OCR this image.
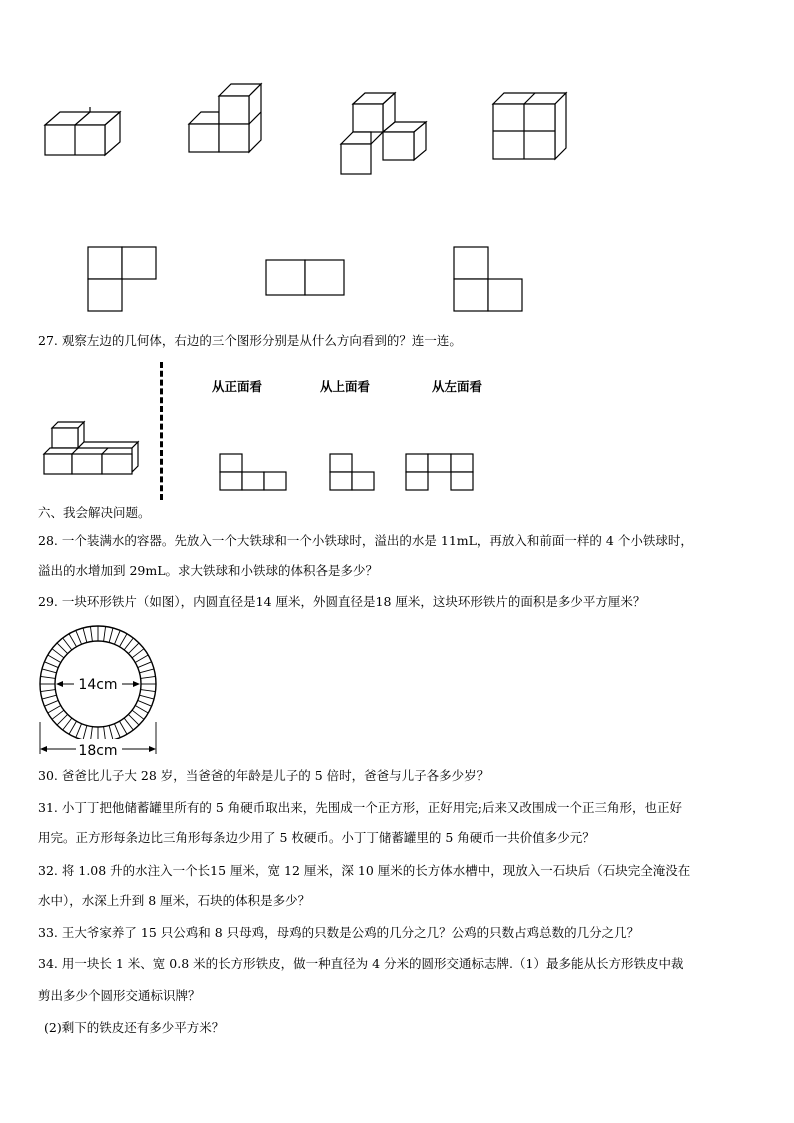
27. 观察左边的几何体，右边的三个图形分别是从什么方向看到的？连一连。
从正面看	从上面看	从左面看
六、我会解决问题。
28. 一个装满水的容器。先放入一个大铁球和一个小铁球时，溢出的水是 11mL，再放入和前面一样的 4 个小铁球时，
溢出的水增加到 29mL。求大铁球和小铁球的体积各是多少？
29. 一块环形铁片（如图），内圆直径是14 厘米，外圆直径是18 厘米，这块环形铁片的面积是多少平方厘米？
14cm
18cm
30. 爸爸比儿子大 28 岁，当爸爸的年龄是儿子的 5 倍时，爸爸与儿子各多少岁？
31. 小丁丁把他储蓄罐里所有的 5 角硬币取出来，先围成一个正方形，正好用完;后来又改围成一个正三角形，也正好
用完。正方形每条边比三角形每条边少用了 5 枚硬币。小丁丁储蓄罐里的 5 角硬币一共价值多少元？
32. 将 1.08 升的水注入一个长15 厘米，宽 12 厘米，深 10 厘米的长方体水槽中，现放入一石块后（石块完全淹没在
水中），水深上升到 8 厘米，石块的体积是多少？
33. 王大爷家养了 15 只公鸡和 8 只母鸡，母鸡的只数是公鸡的几分之几？公鸡的只数占鸡总数的几分之几？
34. 用一块长 1 米、宽 0.8 米的长方形铁皮，做一种直径为 4 分米的圆形交通标志牌.（1）最多能从长方形铁皮中裁
剪出多少个圆形交通标识牌？
(2)剩下的铁皮还有多少平方米？
